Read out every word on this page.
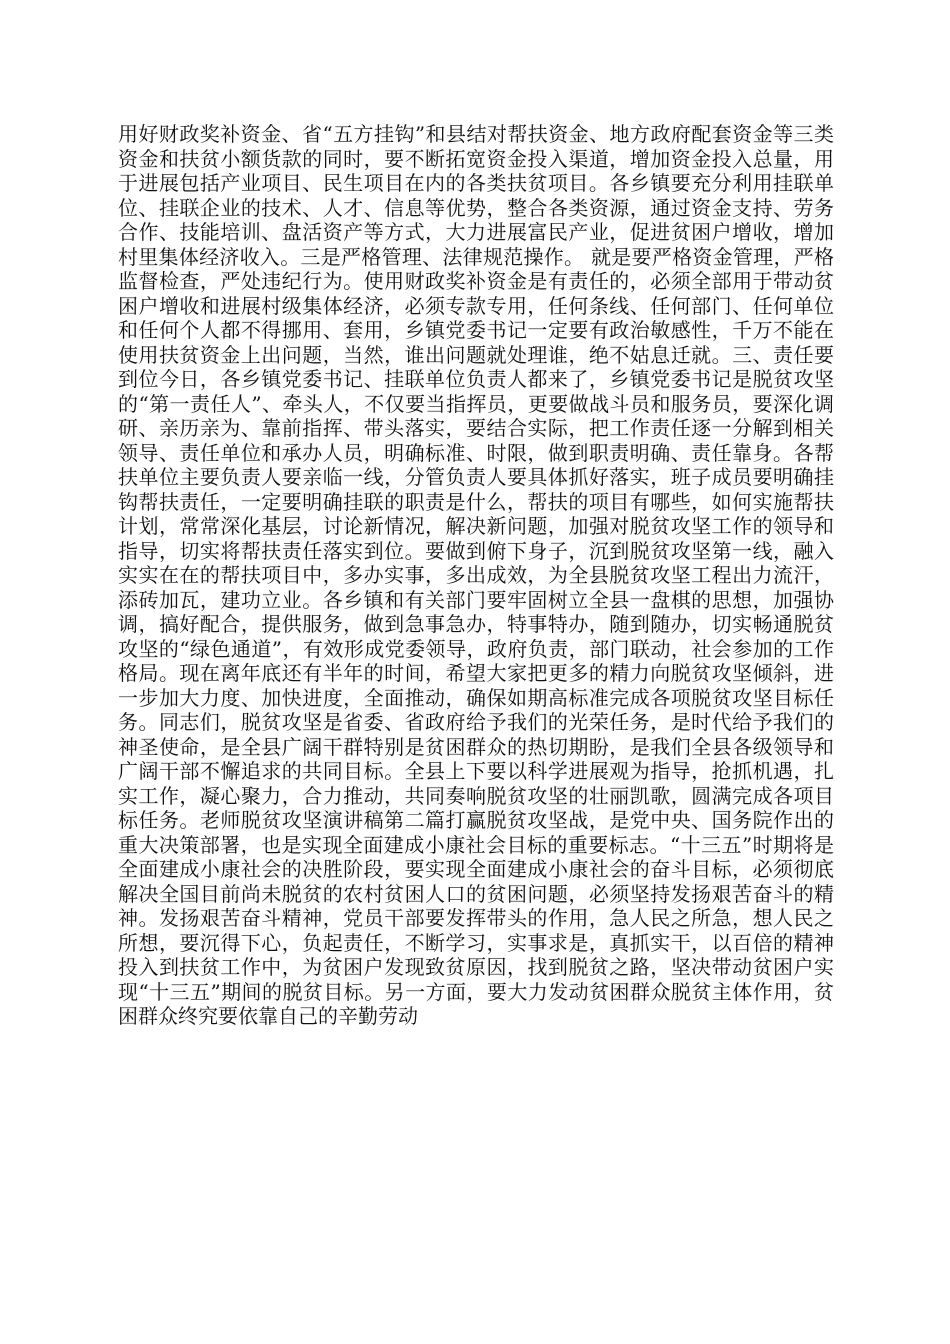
用好财政奖补资金、省“五方挂钩”和县结对帮扶资金、地方政府配套资金等三类资金和扶贫小额货款的同时，要不断拓宽资金投入渠道，增加资金投入总量，用于进展包括产业项目、民生项目在内的各类扶贫项目。各乡镇要充分利用挂联单位、挂联企业的技术、人才、信息等优势，整合各类资源，通过资金支持、劳务合作、技能培训、盘活资产等方式，大力进展富民产业，促进贫困户增收，增加村里集体经济收入。三是严格管理、法律规范操作。 就是要严格资金管理，严格监督检查，严处违纪行为。使用财政奖补资金是有责任的，必须全部用于带动贫困户增收和进展村级集体经济，必须专款专用，任何条线、任何部门、任何单位和任何个人都不得挪用、套用，乡镇党委书记一定要有政治敏感性，千万不能在使用扶贫资金上出问题，当然，谁出问题就处理谁，绝不姑息迁就。三、责任要到位今日，各乡镇党委书记、挂联单位负责人都来了，乡镇党委书记是脱贫攻坚的“第一责任人”、牵头人，不仅要当指挥员，更要做战斗员和服务员，要深化调研、亲历亲为、靠前指挥、带头落实，要结合实际，把工作责任逐一分解到相关领导、责任单位和承办人员，明确标准、时限，做到职责明确、责任靠身。各帮扶单位主要负责人要亲临一线，分管负责人要具体抓好落实，班子成员要明确挂钩帮扶责任，一定要明确挂联的职责是什么，帮扶的项目有哪些，如何实施帮扶计划，常常深化基层，讨论新情况，解决新问题，加强对脱贫攻坚工作的领导和指导，切实将帮扶责任落实到位。要做到俯下身子，沉到脱贫攻坚第一线，融入实实在在的帮扶项目中，多办实事，多出成效，为全县脱贫攻坚工程出力流汗，添砖加瓦，建功立业。各乡镇和有关部门要牢固树立全县一盘棋的思想，加强协调，搞好配合，提供服务，做到急事急办，特事特办，随到随办，切实畅通脱贫攻坚的“绿色通道”，有效形成党委领导，政府负责，部门联动，社会参加的工作格局。现在离年底还有半年的时间，希望大家把更多的精力向脱贫攻坚倾斜，进一步加大力度、加快进度，全面推动，确保如期高标准完成各项脱贫攻坚目标任务。同志们，脱贫攻坚是省委、省政府给予我们的光荣任务，是时代给予我们的神圣使命，是全县广阔干群特别是贫困群众的热切期盼，是我们全县各级领导和广阔干部不懈追求的共同目标。全县上下要以科学进展观为指导，抢抓机遇，扎实工作，凝心聚力，合力推动，共同奏响脱贫攻坚的壮丽凯歌，圆满完成各项目标任务。老师脱贫攻坚演讲稿第二篇打赢脱贫攻坚战，是党中央、国务院作出的重大决策部署，也是实现全面建成小康社会目标的重要标志。“十三五”时期将是全面建成小康社会的决胜阶段，要实现全面建成小康社会的奋斗目标，必须彻底解决全国目前尚未脱贫的农村贫困人口的贫困问题，必须坚持发扬艰苦奋斗的精神。发扬艰苦奋斗精神，党员干部要发挥带头的作用，急人民之所急，想人民之所想，要沉得下心，负起责任，不断学习，实事求是，真抓实干，以百倍的精神投入到扶贫工作中，为贫困户发现致贫原因，找到脱贫之路，坚决带动贫困户实现“十三五”期间的脱贫目标。另一方面，要大力发动贫困群众脱贫主体作用，贫困群众终究要依靠自己的辛勤劳动
